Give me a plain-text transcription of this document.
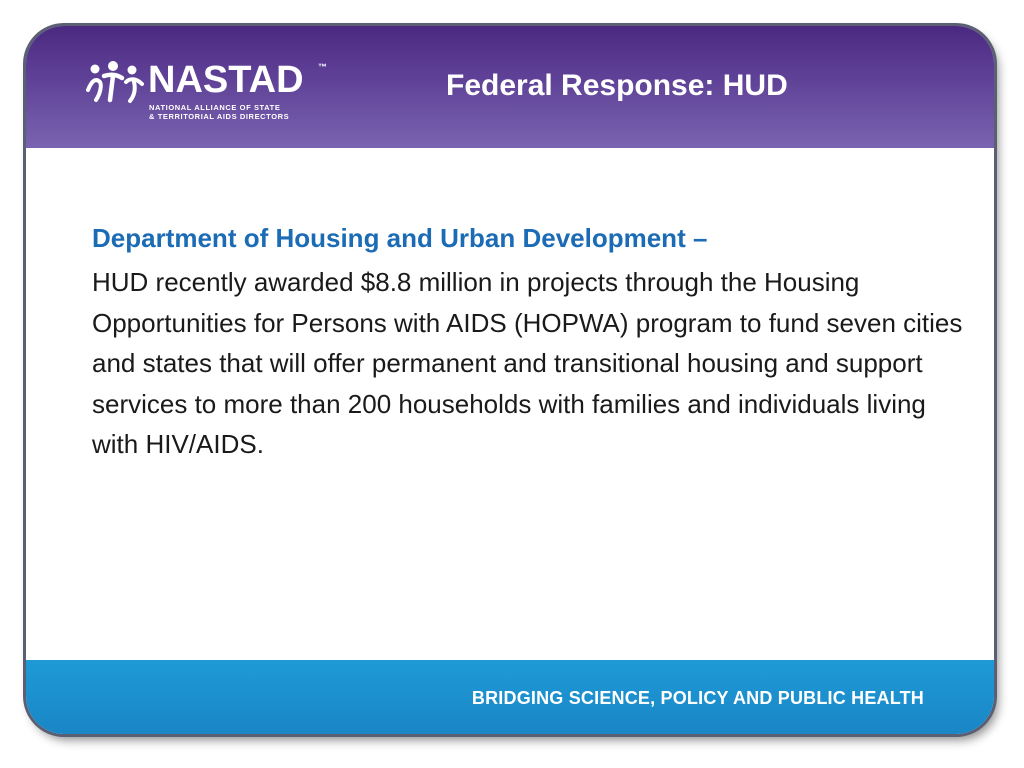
NASTAD ™
NATIONAL ALLIANCE OF STATE
& TERRITORIAL AIDS DIRECTORS
Federal Response: HUD

Department of Housing and Urban Development –

HUD recently awarded $8.8 million in projects through the Housing Opportunities for Persons with AIDS (HOPWA) program to fund seven cities and states that will offer permanent and transitional housing and support services to more than 200 households with families and individuals living with HIV/AIDS.

BRIDGING SCIENCE, POLICY AND PUBLIC HEALTH
